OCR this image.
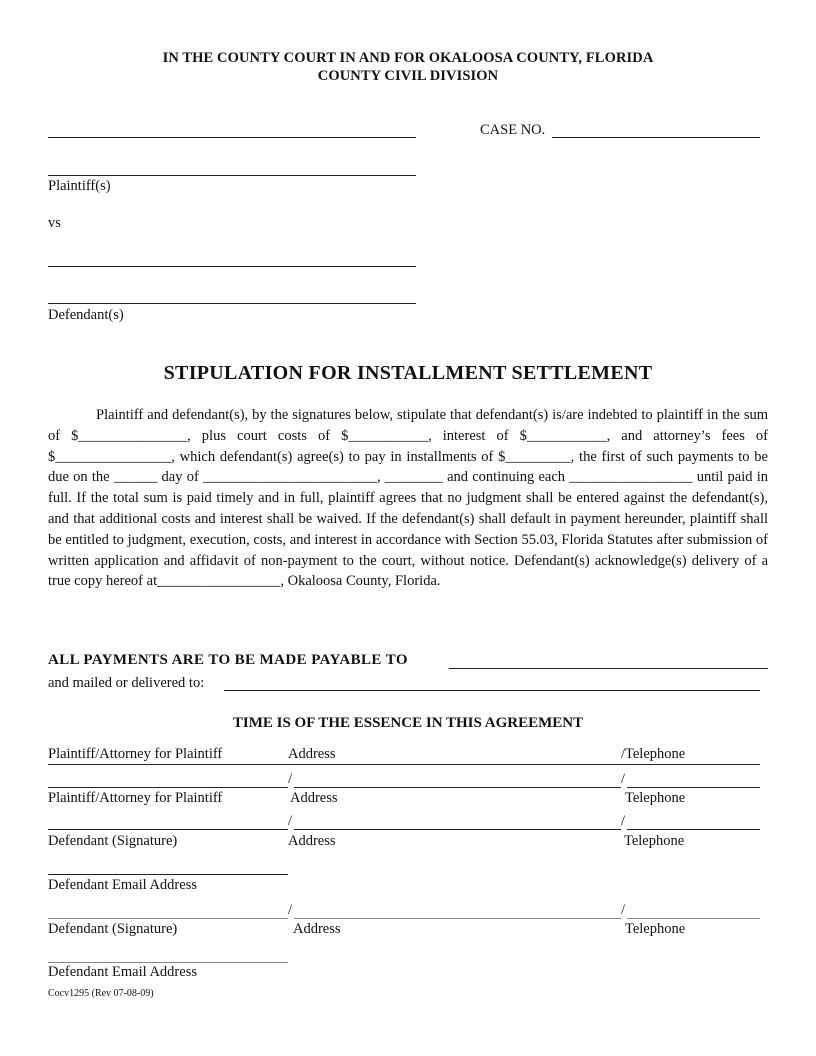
IN THE COUNTY COURT IN AND FOR OKALOOSA COUNTY, FLORIDA
COUNTY CIVIL DIVISION
CASE NO.
Plaintiff(s)
vs
Defendant(s)
STIPULATION FOR INSTALLMENT SETTLEMENT

Plaintiff and defendant(s), by the signatures below, stipulate that defendant(s) is/are indebted to plaintiff in the sum of $_______________, plus court costs of $___________, interest of $___________, and attorney’s fees of $________________, which defendant(s) agree(s) to pay in installments of $_________, the first of such payments to be due on the ______ day of ________________________, ________ and continuing each _________________ until paid in full. If the total sum is paid timely and in full, plaintiff agrees that no judgment shall be entered against the defendant(s), and that additional costs and interest shall be waived. If the defendant(s) shall default in payment hereunder, plaintiff shall be entitled to judgment, execution, costs, and interest in accordance with Section 55.03, Florida Statutes after submission of written application and affidavit of non-payment to the court, without notice. Defendant(s) acknowledge(s) delivery of a true copy hereof at_________________, Okaloosa County, Florida.

ALL PAYMENTS ARE TO BE MADE PAYABLE TO
and mailed or delivered to:
TIME IS OF THE ESSENCE IN THIS AGREEMENT
Plaintiff/Attorney for Plaintiff	Address	/Telephone
/	/
Plaintiff/Attorney for Plaintiff	Address	Telephone
/	/
Defendant (Signature)	Address	Telephone
Defendant Email Address
/	/
Defendant (Signature)	Address	Telephone
Defendant Email Address
Cocv1295 (Rev 07-08-09)
